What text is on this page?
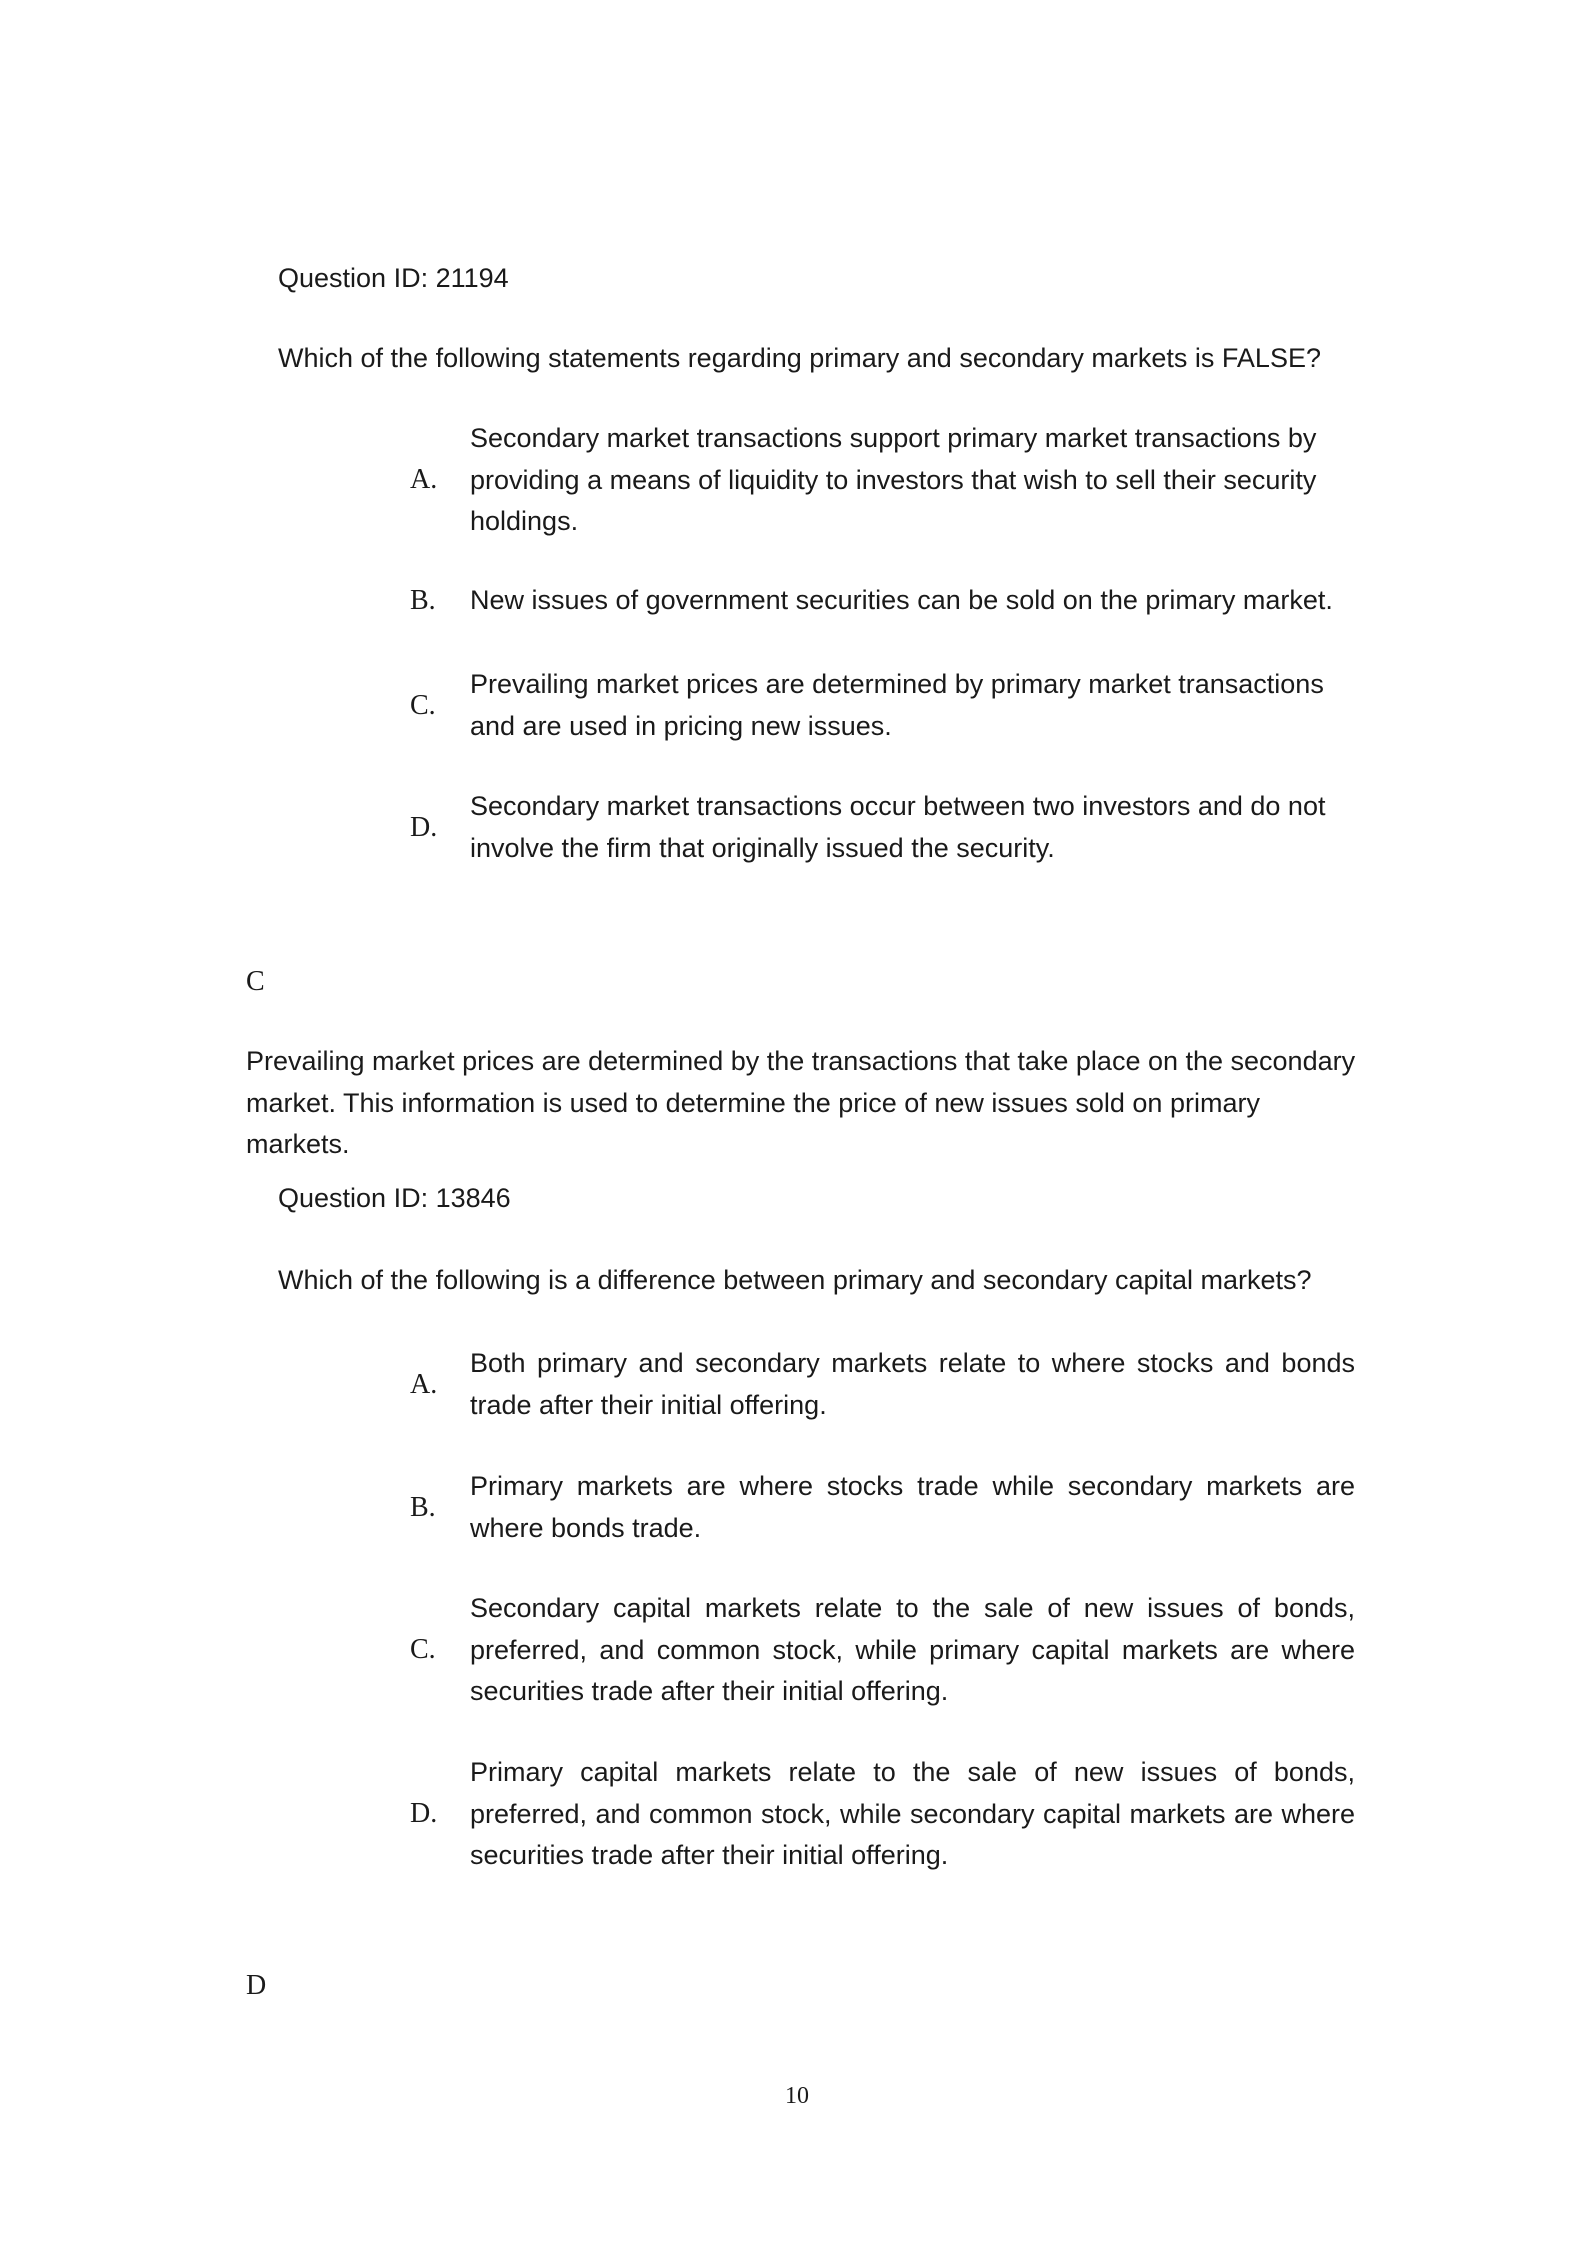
Question ID: 21194
Which of the following statements regarding primary and secondary markets is FALSE?
A.
Secondary market transactions support primary market transactions by providing a means of liquidity to investors that wish to sell their security holdings.
B.	New issues of government securities can be sold on the primary market.
C.
Prevailing market prices are determined by primary market transactions and are used in pricing new issues.
D.
Secondary market transactions occur between two investors and do not involve the firm that originally issued the security.
C
Prevailing market prices are determined by the transactions that take place on the secondary market. This information is used to determine the price of new issues sold on primary markets.
Question ID: 13846
Which of the following is a difference between primary and secondary capital markets?
A.
Both primary and secondary markets relate to where stocks and bonds trade after their initial offering.
B.
Primary markets are where stocks trade while secondary markets are where bonds trade.
C.
Secondary capital markets relate to the sale of new issues of bonds, preferred, and common stock, while primary capital markets are where securities trade after their initial offering.
D.
Primary capital markets relate to the sale of new issues of bonds, preferred, and common stock, while secondary capital markets are where securities trade after their initial offering.
D
10
